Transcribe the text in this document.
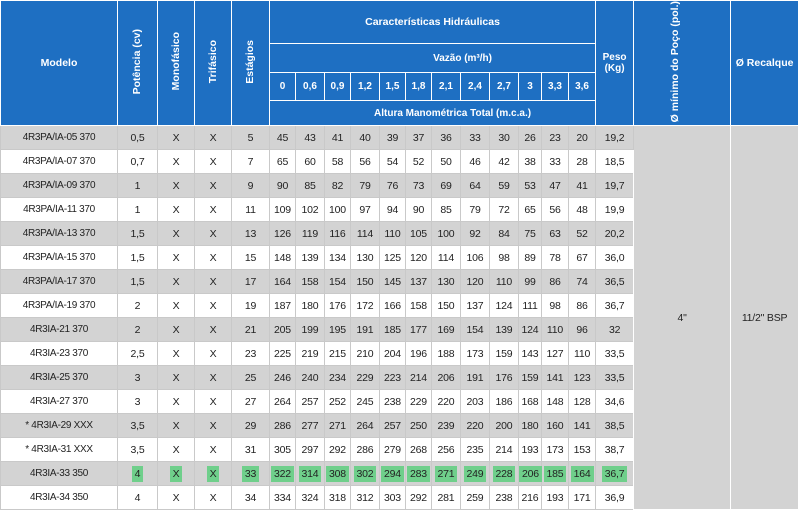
Modelo	Potência (cv)	Monofásico	Trifásico	Estágios	Características Hidráulicas												Peso (Kg)	Ø mínimo do Poço (pol.)	Ø Recalque
					Vazão (m³/h)														
					0	0,6	0,9	1,2	1,5	1,8	2,1	2,4	2,7	3	3,3	3,6			
					Altura Manométrica Total (m.c.a.)														
4R3PA/IA-05 370	0,5	X	X	5	45	43	41	40	39	37	36	33	30	26	23	20	19,2	4"	11/2" BSP
4R3PA/IA-07 370	0,7	X	X	7	65	60	58	56	54	52	50	46	42	38	33	28	18,5		
4R3PA/IA-09 370	1	X	X	9	90	85	82	79	76	73	69	64	59	53	47	41	19,7		
4R3PA/IA-11 370	1	X	X	11	109	102	100	97	94	90	85	79	72	65	56	48	19,9		
4R3PA/IA-13 370	1,5	X	X	13	126	119	116	114	110	105	100	92	84	75	63	52	20,2		
4R3PA/IA-15 370	1,5	X	X	15	148	139	134	130	125	120	114	106	98	89	78	67	36,0		
4R3PA/IA-17 370	1,5	X	X	17	164	158	154	150	145	137	130	120	110	99	86	74	36,5		
4R3PA/IA-19 370	2	X	X	19	187	180	176	172	166	158	150	137	124	111	98	86	36,7		
4R3IA-21 370	2	X	X	21	205	199	195	191	185	177	169	154	139	124	110	96	32		
4R3IA-23 370	2,5	X	X	23	225	219	215	210	204	196	188	173	159	143	127	110	33,5		
4R3IA-25 370	3	X	X	25	246	240	234	229	223	214	206	191	176	159	141	123	33,5		
4R3IA-27 370	3	X	X	27	264	257	252	245	238	229	220	203	186	168	148	128	34,6		
* 4R3IA-29 XXX	3,5	X	X	29	286	277	271	264	257	250	239	220	200	180	160	141	38,5		
* 4R3IA-31 XXX	3,5	X	X	31	305	297	292	286	279	268	256	235	214	193	173	153	38,7		
4R3IA-33 350	4	X	X	33	322	314	308	302	294	283	271	249	228	206	185	164	36,7		
4R3IA-34 350	4	X	X	34	334	324	318	312	303	292	281	259	238	216	193	171	36,9		
